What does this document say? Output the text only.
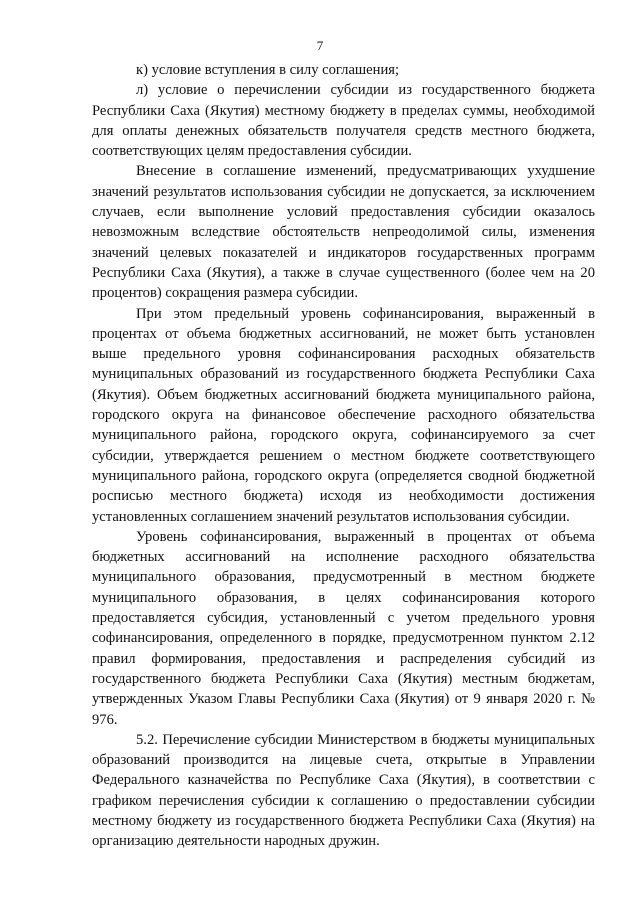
7

к) условие вступления в силу соглашения;

л) условие о перечислении субсидии из государственного бюджета Республики Саха (Якутия) местному бюджету в пределах суммы, необходимой для оплаты денежных обязательств получателя средств местного бюджета, соответствующих целям предоставления субсидии.

Внесение в соглашение изменений, предусматривающих ухудшение значений результатов использования субсидии не допускается, за исключением случаев, если выполнение условий предоставления субсидии оказалось невозможным вследствие обстоятельств непреодолимой силы, изменения значений целевых показателей и индикаторов государственных программ Республики Саха (Якутия), а также в случае существенного (более чем на 20 процентов) сокращения размера субсидии.

При этом предельный уровень софинансирования, выраженный в процентах от объема бюджетных ассигнований, не может быть установлен выше предельного уровня софинансирования расходных обязательств муниципальных образований из государственного бюджета Республики Саха (Якутия). Объем бюджетных ассигнований бюджета муниципального района, городского округа на финансовое обеспечение расходного обязательства муниципального района, городского округа, софинансируемого за счет субсидии, утверждается решением о местном бюджете соответствующего муниципального района, городского округа (определяется сводной бюджетной росписью местного бюджета) исходя из необходимости достижения установленных соглашением значений результатов использования субсидии.

Уровень софинансирования, выраженный в процентах от объема бюджетных ассигнований на исполнение расходного обязательства муниципального образования, предусмотренный в местном бюджете муниципального образования, в целях софинансирования которого предоставляется субсидия, установленный с учетом предельного уровня софинансирования, определенного в порядке, предусмотренном пунктом 2.12 правил формирования, предоставления и распределения субсидий из государственного бюджета Республики Саха (Якутия) местным бюджетам, утвержденных Указом Главы Республики Саха (Якутия) от 9 января 2020 г. № 976.

5.2. Перечисление субсидии Министерством в бюджеты муниципальных образований производится на лицевые счета, открытые в Управлении Федерального казначейства по Республике Саха (Якутия), в соответствии с графиком перечисления субсидии к соглашению о предоставлении субсидии местному бюджету из государственного бюджета Республики Саха (Якутия) на организацию деятельности народных дружин.
